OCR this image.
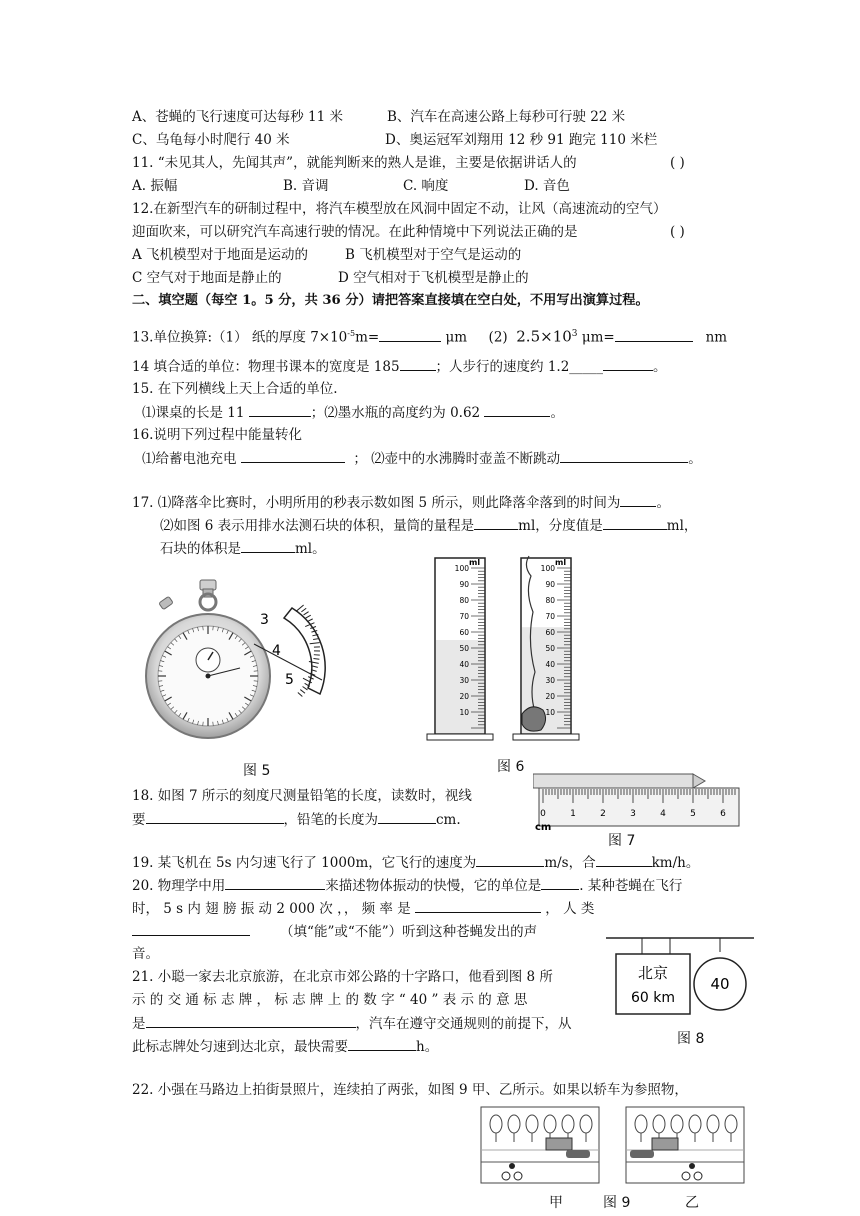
A、苍蝇的飞行速度可达每秒 11 米	B、汽车在高速公路上每秒可行驶 22 米
C、乌龟每小时爬行 40 米	D、奥运冠军刘翔用 12 秒 91 跑完 110 米栏
11. “未见其人，先闻其声”，就能判断来的熟人是谁，主要是依据讲话人的	( )
A. 振幅	B. 音调	C. 响度	D. 音色
12.在新型汽车的研制过程中，将汽车模型放在风洞中固定不动，让风（高速流动的空气）
迎面吹来，可以研究汽车高速行驶的情况。在此种情境中下列说法正确的是	( )
A 飞机模型对于地面是运动的	B 飞机模型对于空气是运动的
C 空气对于地面是静止的	D 空气相对于飞机模型是静止的
二、填空题（每空 1。5 分，共 36 分）请把答案直接填在空白处，不用写出演算过程。
13.单位换算:（1） 纸的厚度 $7\times 10^{-5}m=$	μm (2) $2.5\times 10^3$ μm=	nm
14 填合适的单位：物理书课本的宽度是 185	；人步行的速度约 1.2_____	。
15. 在下列横线上天上合适的单位.
⑴课桌的长是 11	；⑵墨水瓶的高度约为 0.62	。
16.说明下列过程中能量转化
⑴给蓄电池充电	； ⑵壶中的水沸腾时壶盖不断跳动	。
17. ⑴降落伞比赛时，小明所用的秒表示数如图 5 所示，则此降落伞落到的时间为	。
⑵如图 6 表示用排水法测石块的体积，量筒的量程是	ml，分度值是	ml，
石块的体积是	ml。
3
4
5
图 5
ml
100
90
80
70
60
50
40
30
20
10
ml
100
90
80
70
60
50
40
30
20
10
图 6
18. 如图 7 所示的刻度尺测量铅笔的长度，读数时，视线
要	，铅笔的长度为	cm.	0	1	2	3	4	5	6
cm
图 7
19. 某飞机在 5s 内匀速飞行了 1000m，它飞行的速度为	m/s，合	km/h。
20. 物理学中用	来描述物体振动的快慢，它的单位是	. 某种苍蝇在飞行
时， 5 s 内 翅 膀 振 动 2 000 次 ，， 频 率 是	， 人 类
（填“能”或“不能”）听到这种苍蝇发出的声
音。
21. 小聪一家去北京旅游，在北京市郊公路的十字路口，他看到图 8 所
示 的 交 通 标 志 牌 ， 标 志 牌 上 的 数 字 “ 40 ” 表 示 的 意 思
是	，汽车在遵守交通规则的前提下，从
此标志牌处匀速到达北京，最快需要	h。
北京
60 km
40
图 8
22. 小强在马路边上拍街景照片，连续拍了两张，如图 9 甲、乙所示。如果以轿车为参照物，
甲	图 9	乙
